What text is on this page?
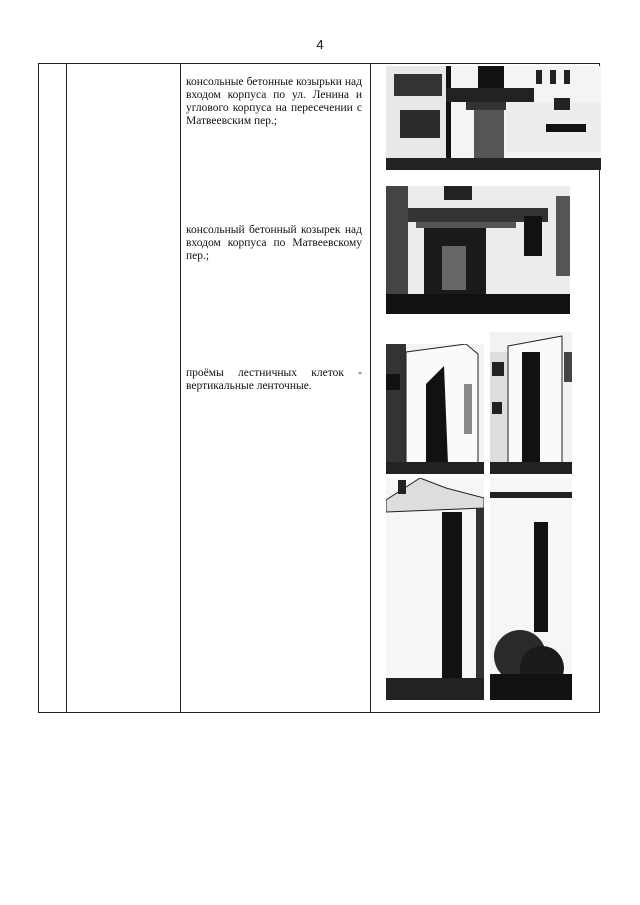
4
консольные бетонные козырьки над входом корпуса по ул. Ленина и углового корпуса на пересечении с Матвеевским пер.;
консольный бетонный козырек над входом корпуса по Матвеевскому пер.;
проёмы лестничных клеток - вертикальные ленточные.
